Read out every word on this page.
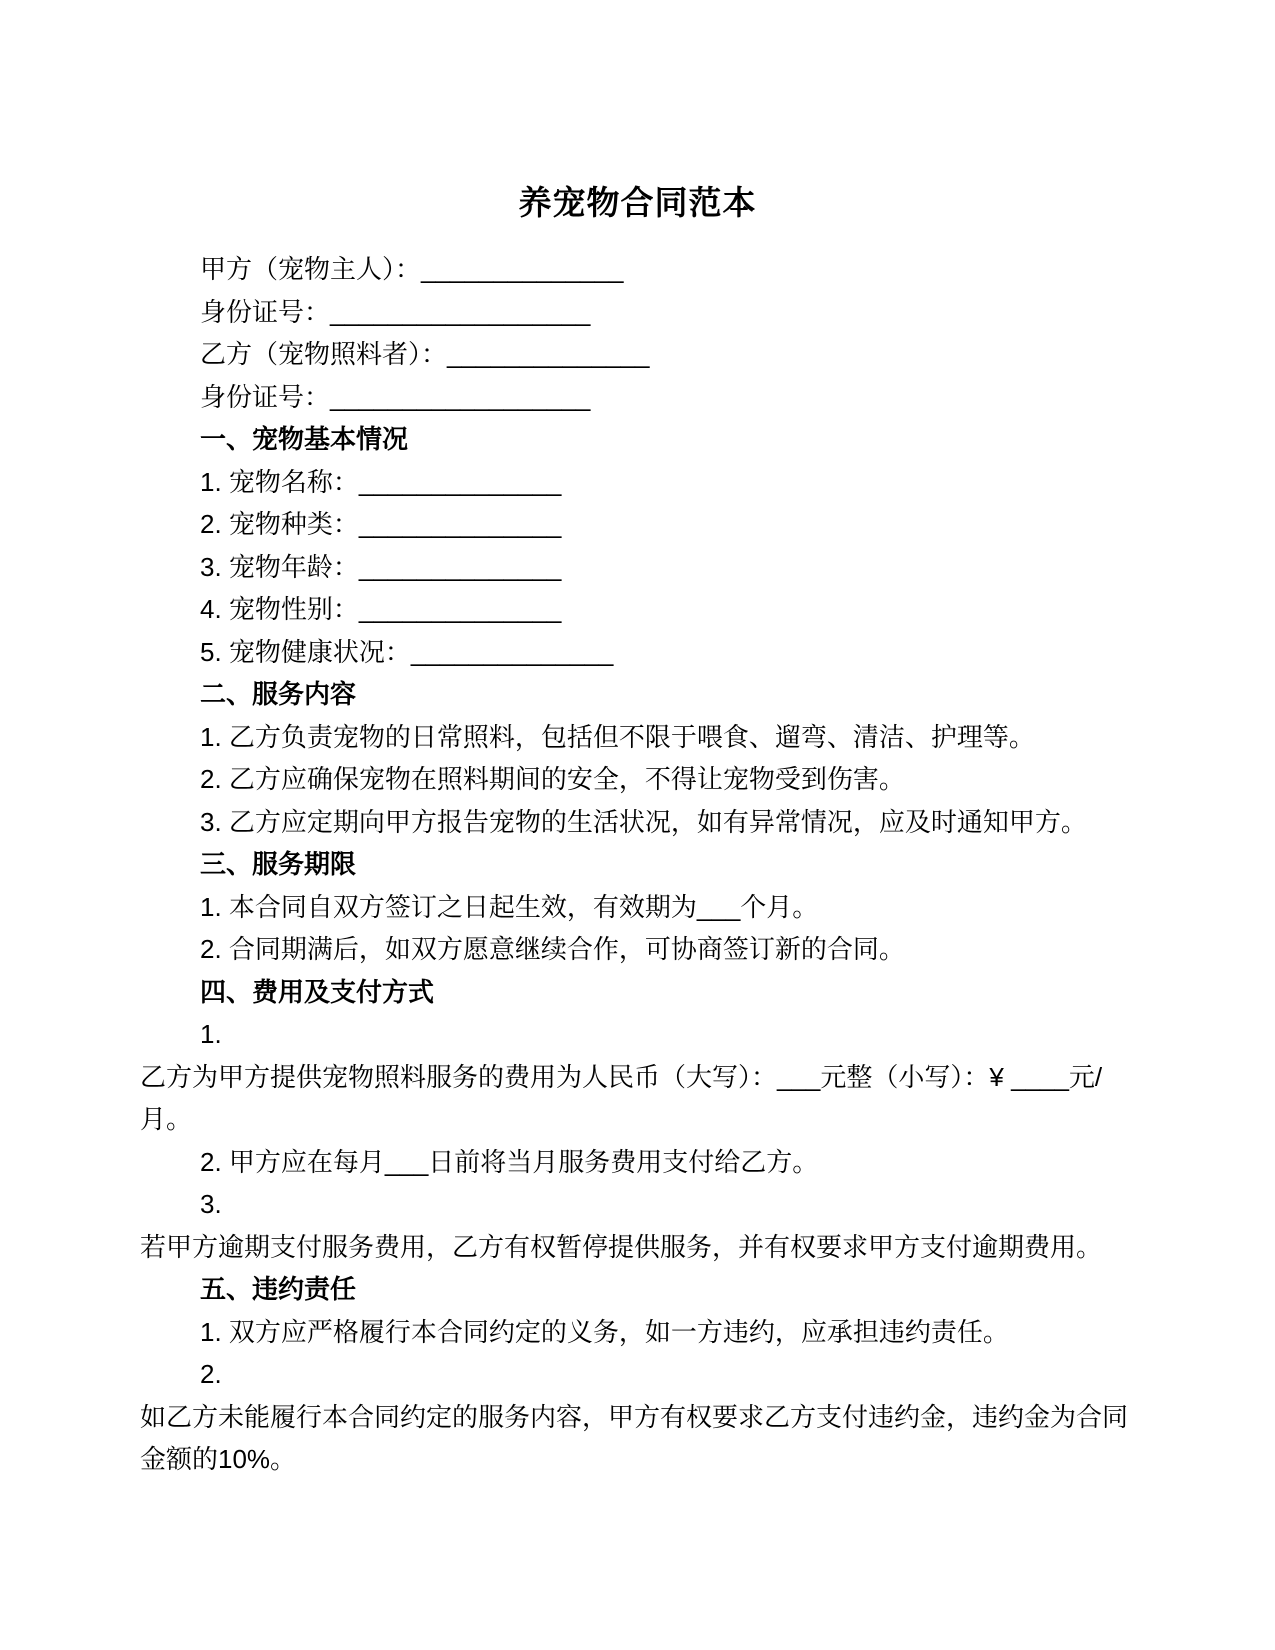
养宠物合同范本

甲方（宠物主人）：______________

身份证号：__________________

乙方（宠物照料者）：______________

身份证号：__________________

一、宠物基本情况

1. 宠物名称：______________

2. 宠物种类：______________

3. 宠物年龄：______________

4. 宠物性别：______________

5. 宠物健康状况：______________

二、服务内容

1. 乙方负责宠物的日常照料，包括但不限于喂食、遛弯、清洁、护理等。

2. 乙方应确保宠物在照料期间的安全，不得让宠物受到伤害。

3. 乙方应定期向甲方报告宠物的生活状况，如有异常情况，应及时通知甲方。

三、服务期限

1. 本合同自双方签订之日起生效，有效期为___个月。

2. 合同期满后，如双方愿意继续合作，可协商签订新的合同。

四、费用及支付方式

1.

乙方为甲方提供宠物照料服务的费用为人民币（大写）：___元整（小写）：¥ ____元/月。

2. 甲方应在每月___日前将当月服务费用支付给乙方。

3.

若甲方逾期支付服务费用，乙方有权暂停提供服务，并有权要求甲方支付逾期费用。

五、违约责任

1. 双方应严格履行本合同约定的义务，如一方违约，应承担违约责任。

2.

如乙方未能履行本合同约定的服务内容，甲方有权要求乙方支付违约金，违约金为合同金额的10%。
